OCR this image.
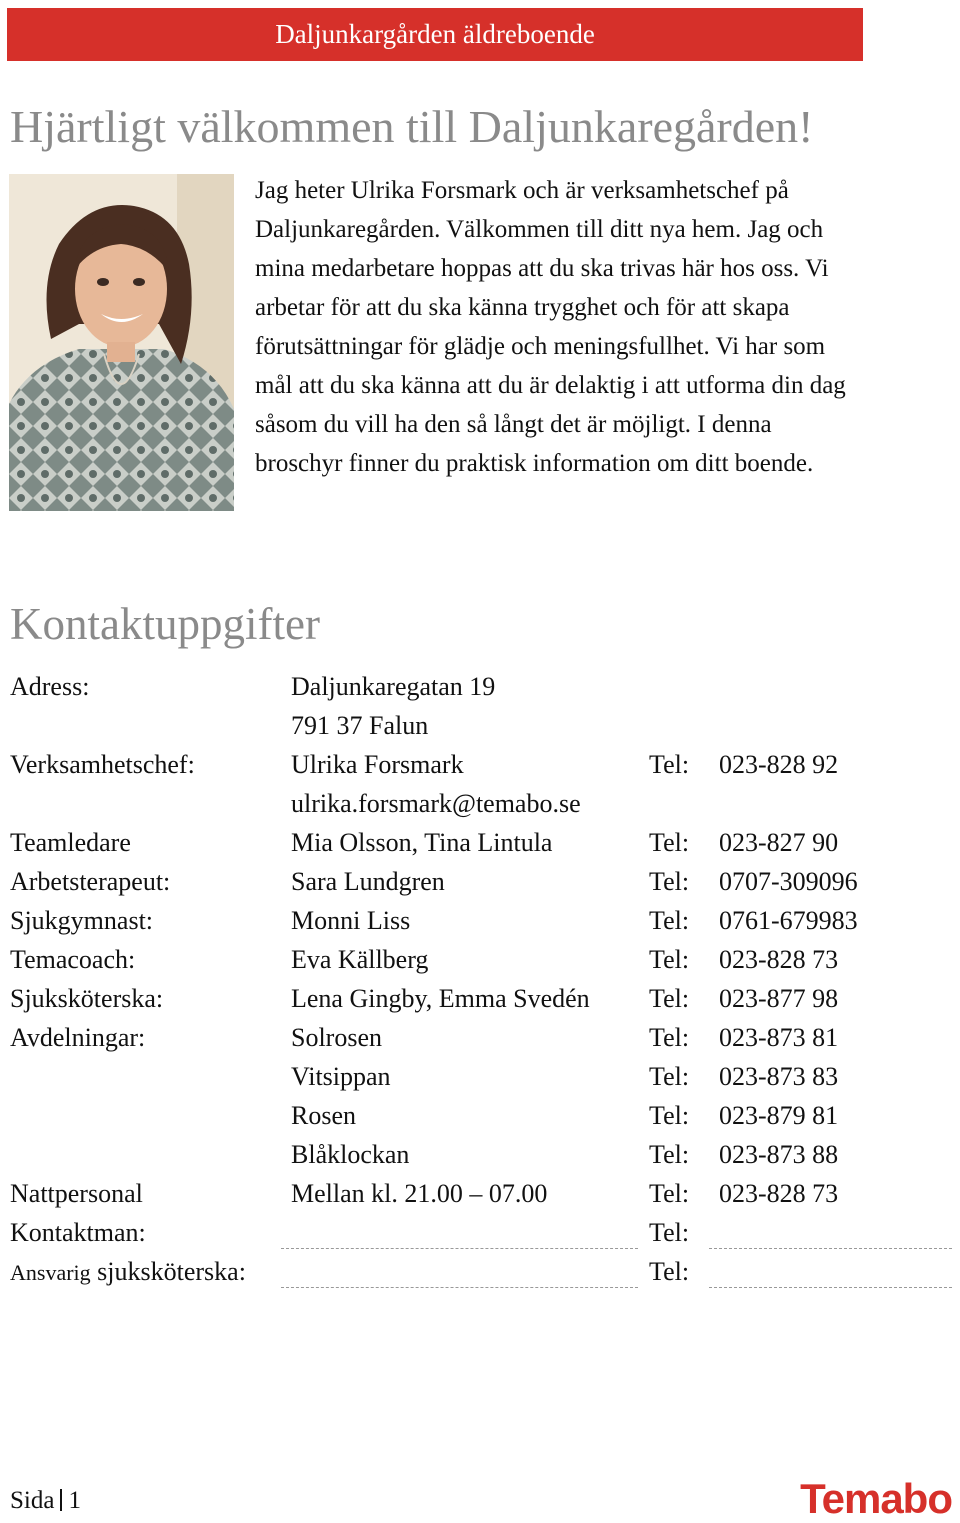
Daljunkargården äldreboende
Hjärtligt välkommen till Daljunkaregården!

Jag heter Ulrika Forsmark och är verksamhetschef på Daljunkaregården. Välkommen till ditt nya hem. Jag och mina medarbetare hoppas att du ska trivas här hos oss. Vi arbetar för att du ska känna trygghet och för att skapa förutsättningar för glädje och meningsfullhet. Vi har som mål att du ska känna att du är delaktig i att utforma din dag såsom du vill ha den så långt det är möjligt. I denna broschyr finner du praktisk information om ditt boende.

Kontaktuppgifter
Adress:	Daljunkaregatan 19
791 37 Falun
Verksamhetschef:	Ulrika Forsmark	Tel: 023-828 92
ulrika.forsmark@temabo.se
Teamledare	Mia Olsson, Tina Lintula	Tel: 023-827 90
Arbetsterapeut:	Sara Lundgren	Tel: 0707-309096
Sjukgymnast:	Monni Liss	Tel: 0761-679983
Temacoach:	Eva Källberg	Tel: 023-828 73
Sjuksköterska:	Lena Gingby, Emma Svedén Tel: 023-877 98
Avdelningar:	Solrosen	Tel: 023-873 81
Vitsippan	Tel: 023-873 83
Rosen	Tel: 023-879 81
Blåklockan	Tel: 023-873 88
Nattpersonal	Mellan kl. 21.00 – 07.00	Tel: 023-828 73
Kontaktman:	Tel:
Ansvarig sjuksköterska:	Tel:
Sida 1	Temabo
